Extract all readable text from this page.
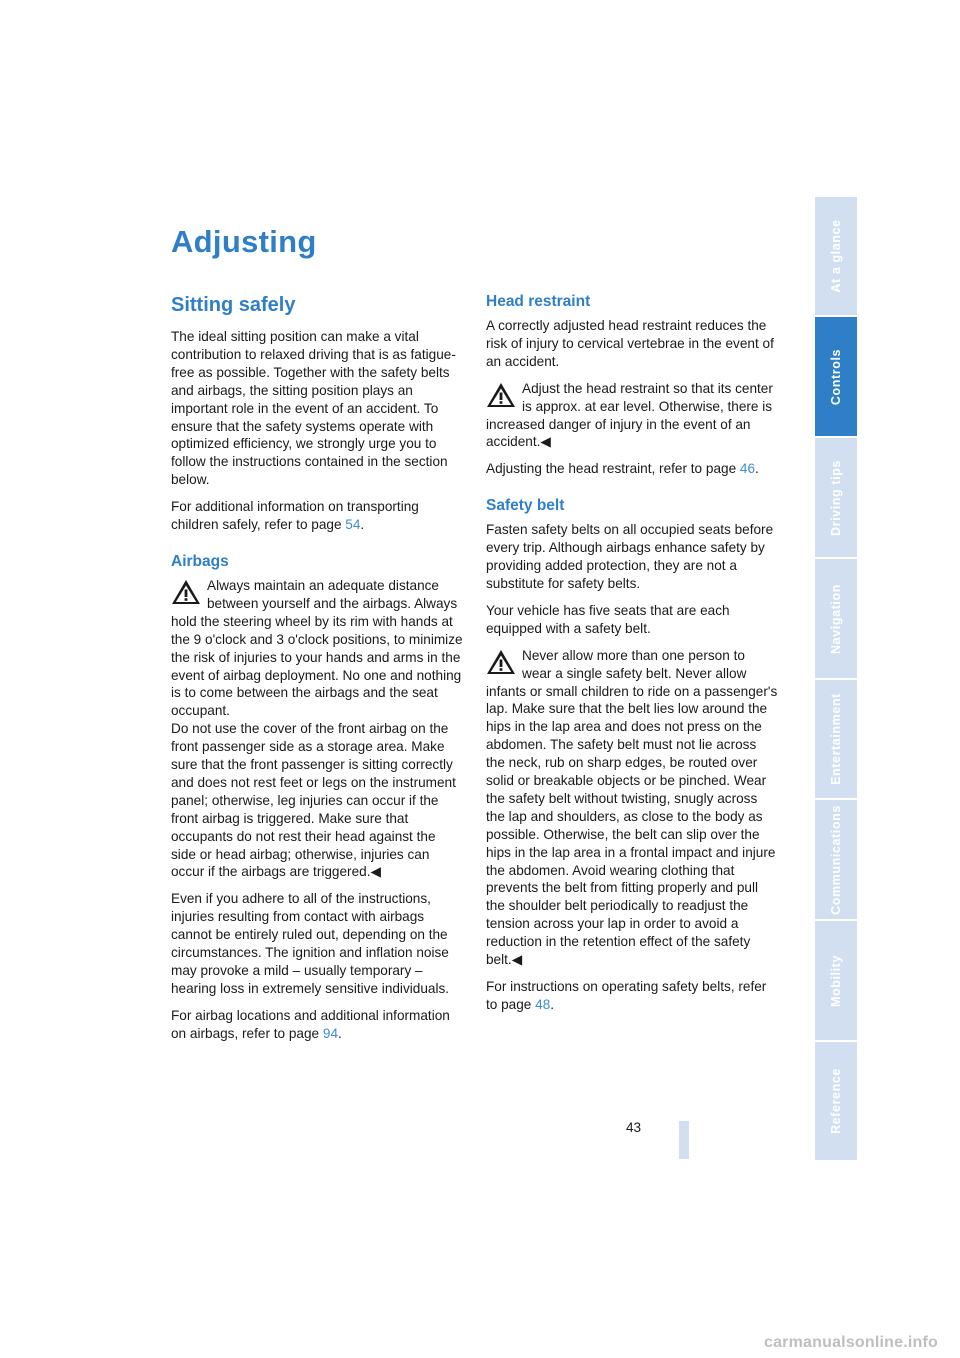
Adjusting
Sitting safely

The ideal sitting position can make a vital contribution to relaxed driving that is as fatigue-free as possible. Together with the safety belts and airbags, the sitting position plays an important role in the event of an accident. To ensure that the safety systems operate with optimized efficiency, we strongly urge you to follow the instructions contained in the section below.

For additional information on transporting children safely, refer to page 54.

Airbags
Always maintain an adequate distance between yourself and the airbags. Always hold the steering wheel by its rim with hands at the 9 o'clock and 3 o'clock positions, to minimize the risk of injuries to your hands and arms in the event of airbag deployment. No one and nothing is to come between the airbags and the seat occupant.
Do not use the cover of the front airbag on the front passenger side as a storage area. Make sure that the front passenger is sitting correctly and does not rest feet or legs on the instrument panel; otherwise, leg injuries can occur if the front airbag is triggered. Make sure that occupants do not rest their head against the side or head airbag; otherwise, injuries can occur if the airbags are triggered.◀

Even if you adhere to all of the instructions, injuries resulting from contact with airbags cannot be entirely ruled out, depending on the circumstances. The ignition and inflation noise may provoke a mild – usually temporary – hearing loss in extremely sensitive individuals.

For airbag locations and additional information on airbags, refer to page 94.

Head restraint

A correctly adjusted head restraint reduces the risk of injury to cervical vertebrae in the event of an accident.

Adjust the head restraint so that its center is approx. at ear level. Otherwise, there is increased danger of injury in the event of an accident.◀

Adjusting the head restraint, refer to page 46.

Safety belt

Fasten safety belts on all occupied seats before every trip. Although airbags enhance safety by providing added protection, they are not a substitute for safety belts.

Your vehicle has five seats that are each equipped with a safety belt.

Never allow more than one person to wear a single safety belt. Never allow infants or small children to ride on a passenger's lap. Make sure that the belt lies low around the hips in the lap area and does not press on the abdomen. The safety belt must not lie across the neck, rub on sharp edges, be routed over solid or breakable objects or be pinched. Wear the safety belt without twisting, snugly across the lap and shoulders, as close to the body as possible. Otherwise, the belt can slip over the hips in the lap area in a frontal impact and injure the abdomen. Avoid wearing clothing that prevents the belt from fitting properly and pull the shoulder belt periodically to readjust the tension across your lap in order to avoid a reduction in the retention effect of the safety belt.◀

For instructions on operating safety belts, refer to page 48.

At a glance
Controls
Driving tips
Navigation
Entertainment
Communications
Mobility
Reference
43
carmanualsonline.info
